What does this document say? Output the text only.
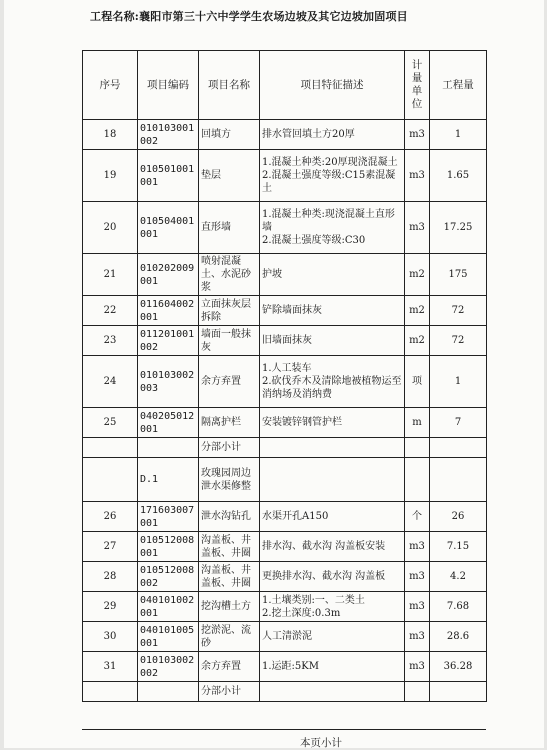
工程名称:襄阳市第三十六中学学生农场边坡及其它边坡加固项目
序号	项目编码	项目名称	项目特征描述	计量单位	工程量
18	010103001002	回填方	排水管回填土方20厚	m3	1
19	010501001001	垫层	1.混凝土种类:20厚现浇混凝土
2.混凝土强度等级:C15素混凝土	m3	1.65
20	010504001001	直形墙	1.混凝土种类:现浇混凝土直形墙
2.混凝土强度等级:C30	m3	17.25
21	010202009001	喷射混凝土、水泥砂浆	护坡	m2	175
22	011604002001	立面抹灰层拆除	铲除墙面抹灰	m2	72
23	011201001002	墙面一般抹灰	旧墙面抹灰	m2	72
24	010103002003	余方弃置	1.人工装车
2.砍伐乔木及清除地被植物运至消纳场及消纳费	项	1
25	040205012001	隔离护栏	安装镀锌钢管护栏	m	7
		分部小计			
	D.1	玫瑰园周边泄水渠修整			
26	171603007001	泄水沟钻孔	水渠开孔A150	个	26
27	010512008001	沟盖板、井盖板、井圈	排水沟、截水沟 沟盖板安装	m3	7.15
28	010512008002	沟盖板、井盖板、井圈	更换排水沟、截水沟 沟盖板	m3	4.2
29	040101002001	挖沟槽土方	1.土壤类别:一、二类土
2.挖土深度:0.3m	m3	7.68
30	040101005001	挖淤泥、流砂	人工清淤泥	m3	28.6
31	010103002002	余方弃置	1.运距:5KM	m3	36.28
		分部小计			
本页小计
